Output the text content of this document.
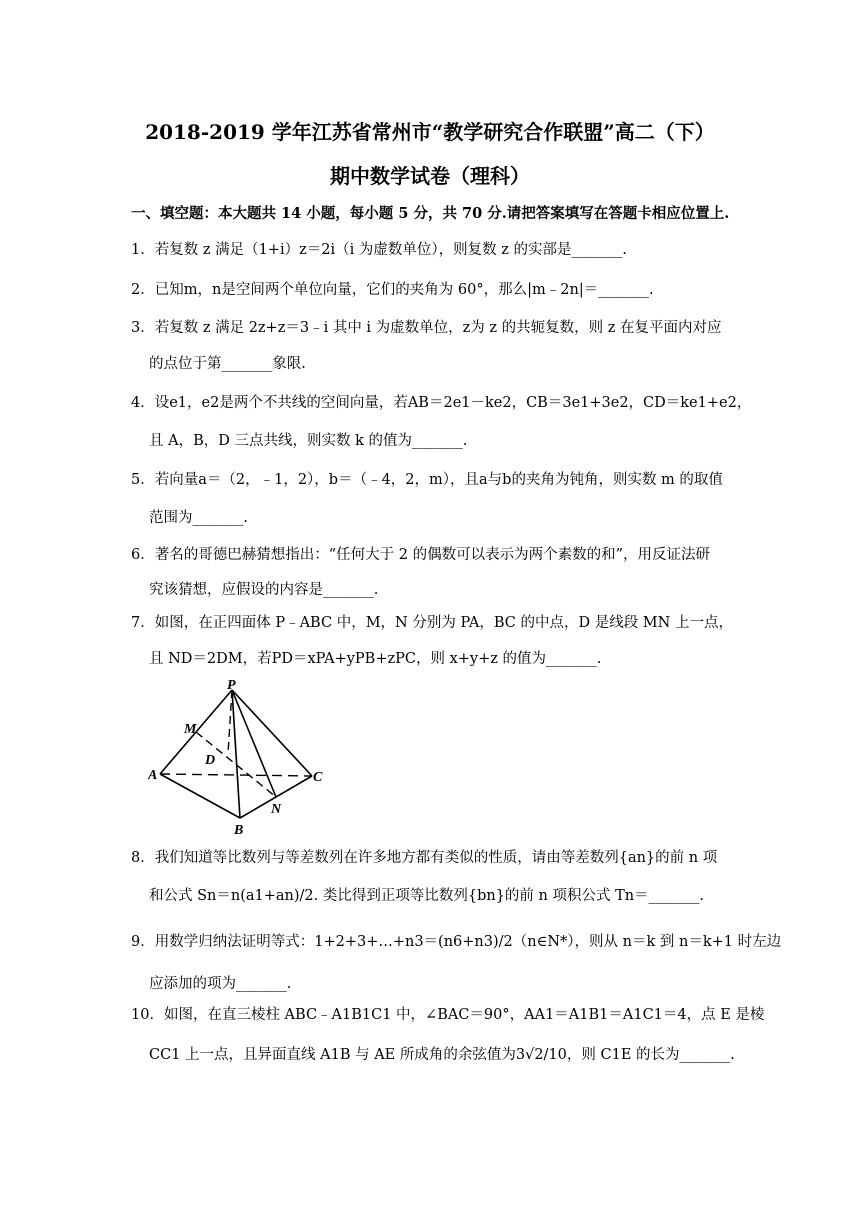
2018-2019 学年江苏省常州市“教学研究合作联盟”高二（下）
期中数学试卷（理科）
一、填空题：本大题共 14 小题，每小题 5 分，共 70 分.请把答案填写在答题卡相应位置上.
1．若复数 z 满足（1+i）z＝2i（i 为虚数单位），则复数 z 的实部是_______.
2．已知m，n是空间两个单位向量，它们的夹角为 60°，那么|m﹣2n|＝_______.
3．若复数 z 满足 2z+z＝3﹣i 其中 i 为虚数单位，z为 z 的共轭复数，则 z 在复平面内对应
的点位于第_______象限.
4．设e1，e2是两个不共线的空间向量，若AB＝2e1－ke2，CB＝3e1+3e2，CD＝ke1+e2，
且 A，B，D 三点共线，则实数 k 的值为_______.
5．若向量a＝（2，﹣1，2），b＝（﹣4，2，m），且a与b的夹角为钝角，则实数 m 的取值
范围为_______.
6．著名的哥德巴赫猜想指出：“任何大于 2 的偶数可以表示为两个素数的和”，用反证法研
究该猜想，应假设的内容是_______.
7．如图，在正四面体 P﹣ABC 中，M，N 分别为 PA，BC 的中点，D 是线段 MN 上一点，
且 ND＝2DM，若PD＝xPA+yPB+zPC，则 x+y+z 的值为_______.
P
M
D
A	C
N
B
8．我们知道等比数列与等差数列在许多地方都有类似的性质，请由等差数列{an}的前 n 项
和公式 Sn＝n(a1+an)/2. 类比得到正项等比数列{bn}的前 n 项积公式 Tn＝_______.
9．用数学归纳法证明等式：1+2+3+…+n3＝(n6+n3)/2（n∈N*），则从 n＝k 到 n＝k+1 时左边
应添加的项为_______.
10．如图，在直三棱柱 ABC﹣A1B1C1 中，∠BAC＝90°，AA1＝A1B1＝A1C1＝4，点 E 是棱
CC1 上一点，且异面直线 A1B 与 AE 所成角的余弦值为3√2/10，则 C1E 的长为_______.
